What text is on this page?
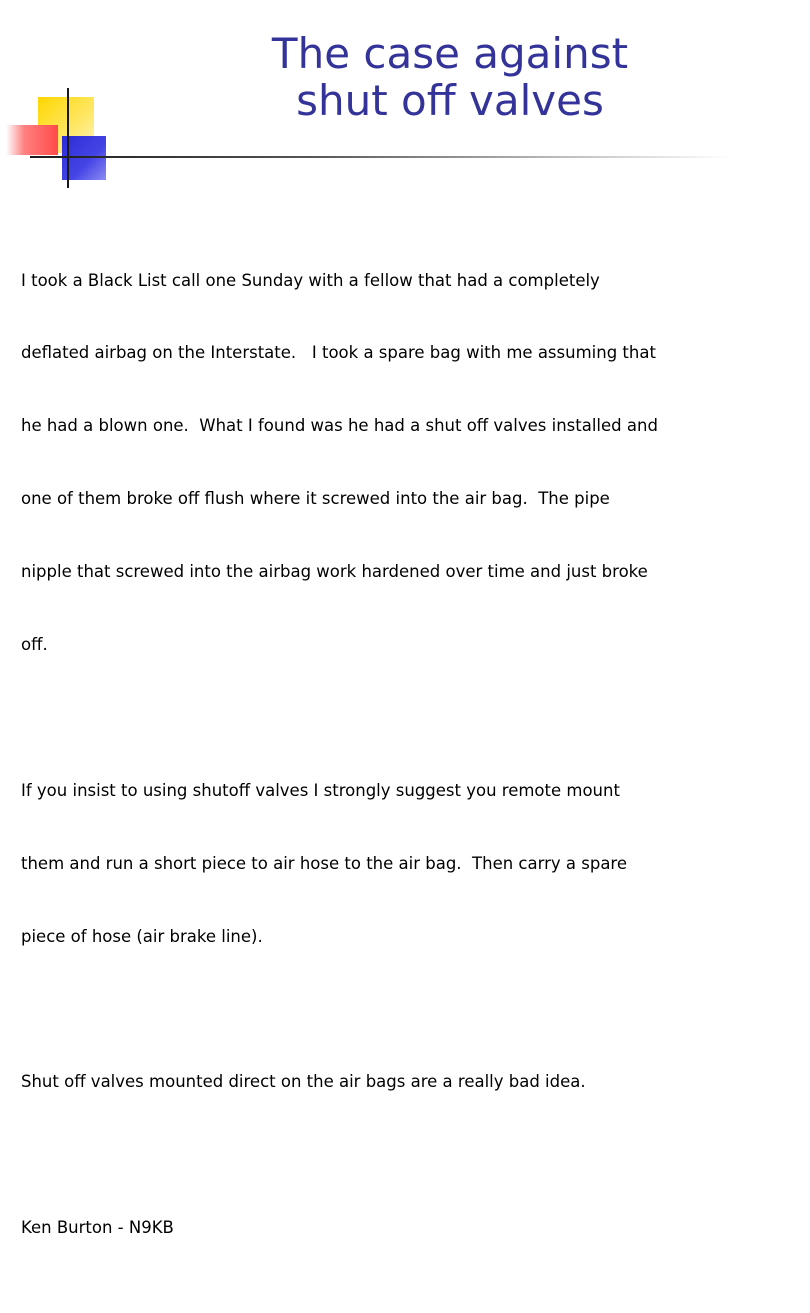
The case against
shut off valves

I took a Black List call one Sunday with a fellow that had a completely

deflated airbag on the Interstate.   I took a spare bag with me assuming that

he had a blown one.  What I found was he had a shut off valves installed and

one of them broke off flush where it screwed into the air bag.  The pipe

nipple that screwed into the airbag work hardened over time and just broke

off.

If you insist to using shutoff valves I strongly suggest you remote mount

them and run a short piece to air hose to the air bag.  Then carry a spare

piece of hose (air brake line).

Shut off valves mounted direct on the air bags are a really bad idea.

Ken Burton - N9KB
